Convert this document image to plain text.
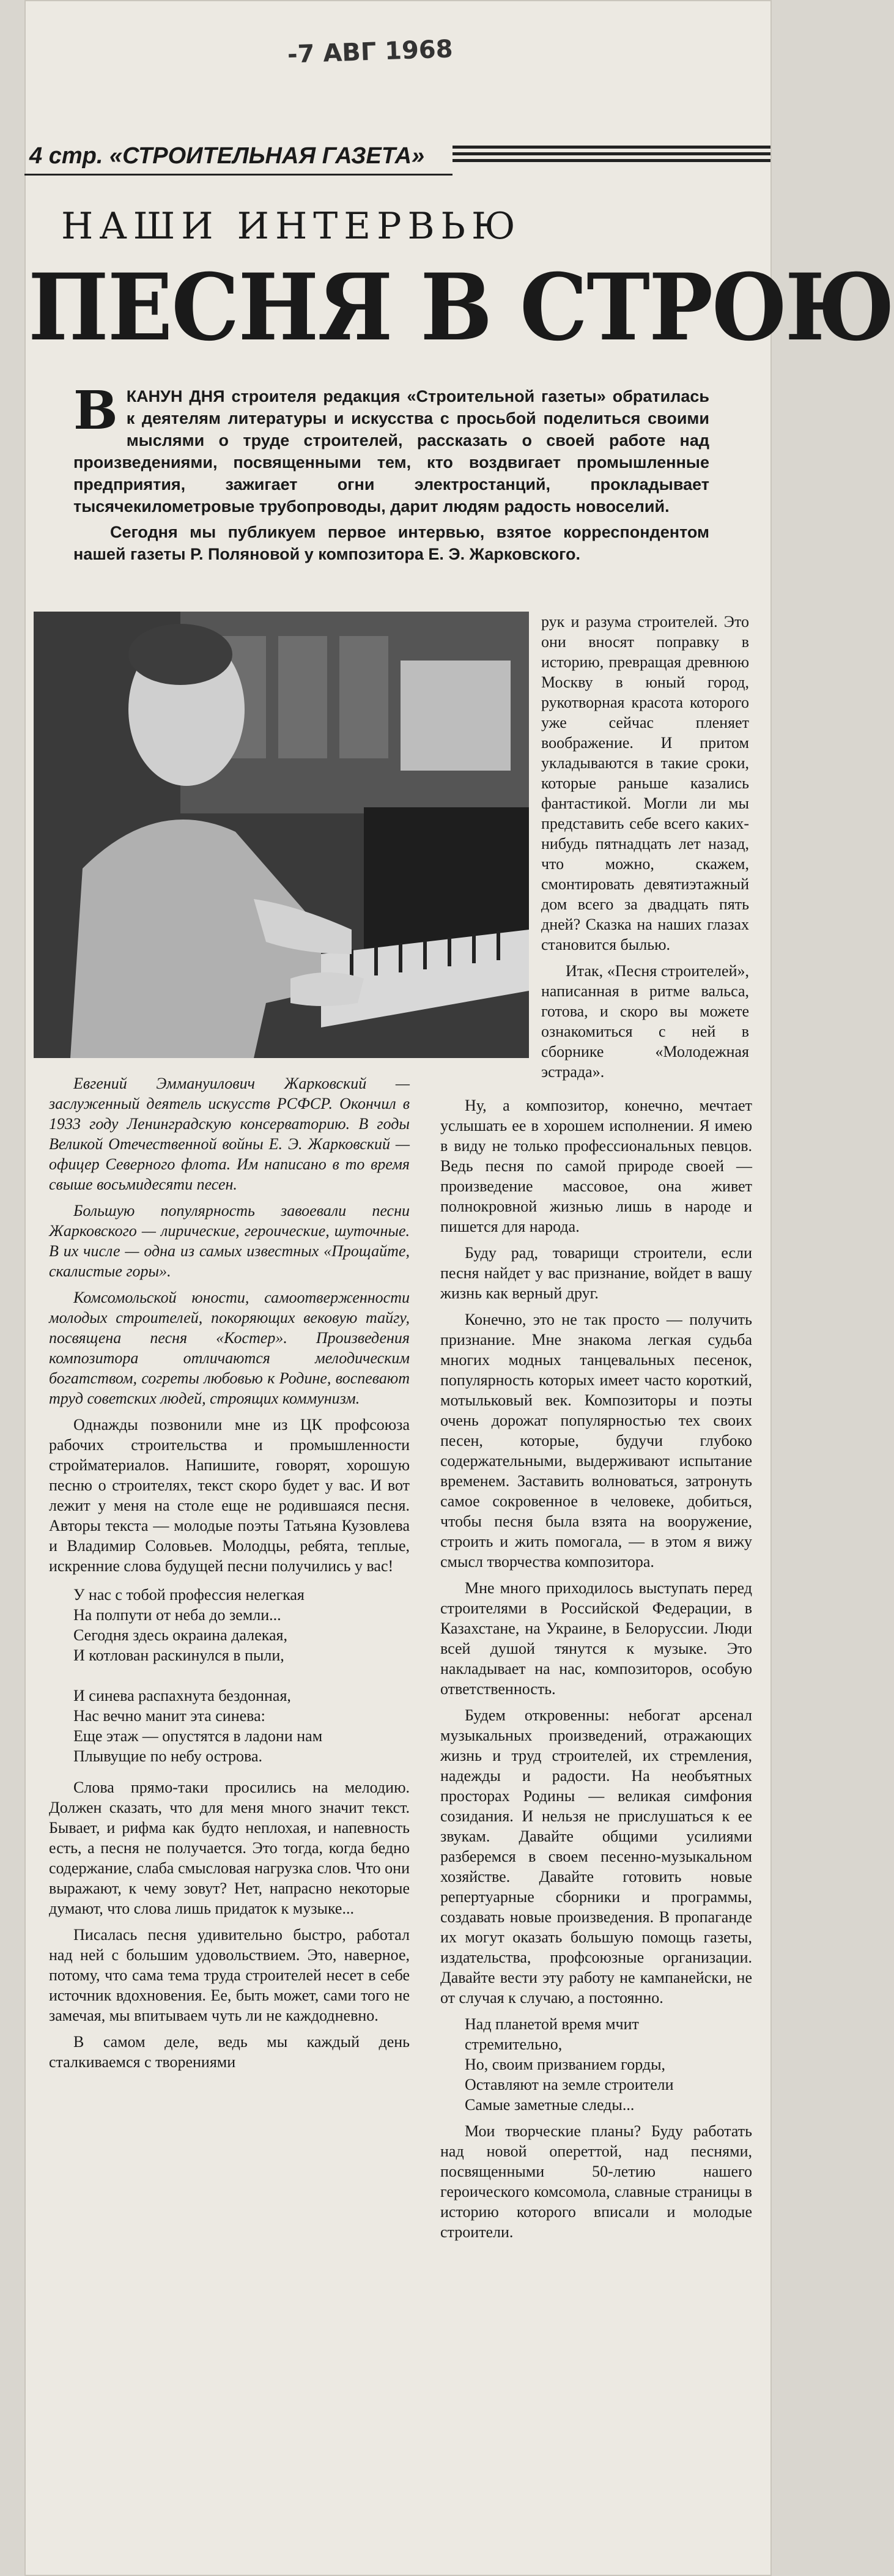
-7 АВГ 1968
4 стр. «СТРОИТЕЛЬНАЯ ГАЗЕТА»
НАШИ ИНТЕРВЬЮ
ПЕСНЯ В СТРОЮ

В КАНУН ДНЯ строителя редакция «Строительной газеты» обратилась к деятелям литературы и искусства с просьбой поделиться своими мыслями о труде строителей, рассказать о своей работе над произведениями, посвященными тем, кто воздвигает промышленные предприятия, зажигает огни электростанций, прокладывает тысячекилометровые трубопроводы, дарит людям радость новоселий.

Сегодня мы публикуем первое интервью, взятое корреспондентом нашей газеты Р. Поляновой у композитора Е. Э. Жарковского.

рук и разума строителей. Это они вносят поправку в историю, превращая древнюю Москву в юный город, рукотворная красота которого уже сейчас пленяет воображение. И притом укладываются в такие сроки, которые раньше казались фантастикой. Могли ли мы представить себе всего каких-нибудь пятнадцать лет назад, что можно, скажем, смонтировать девятиэтажный дом всего за двадцать пять дней? Сказка на наших глазах становится былью.

Итак, «Песня строителей», написанная в ритме вальса, готова, и скоро вы можете ознакомиться с ней в сборнике «Молодежная эстрада».

Евгений Эммануилович Жарковский — заслуженный деятель искусств РСФСР. Окончил в 1933 году Ленинградскую консерваторию. В годы Великой Отечественной войны Е. Э. Жарковский — офицер Северного флота. Им написано в то время свыше восьмидесяти песен.

Большую популярность завоевали песни Жарковского — лирические, героические, шуточные. В их числе — одна из самых известных «Прощайте, скалистые горы».

Комсомольской юности, самоотверженности молодых строителей, покоряющих вековую тайгу, посвящена песня «Костер». Произведения композитора отличаются мелодическим богатством, согреты любовью к Родине, воспевают труд советских людей, строящих коммунизм.

Однажды позвонили мне из ЦК профсоюза рабочих строительства и промышленности стройматериалов. Напишите, говорят, хорошую песню о строителях, текст скоро будет у вас. И вот лежит у меня на столе еще не родившаяся песня. Авторы текста — молодые поэты Татьяна Кузовлева и Владимир Соловьев. Молодцы, ребята, теплые, искренние слова будущей песни получились у вас!

У нас с тобой профессия нелегкая
На полпути от неба до земли...
Сегодня здесь окраина далекая,
И котлован раскинулся в пыли,

И синева распахнута бездонная,
Нас вечно манит эта синева:
Еще этаж — опустятся в ладони нам
Плывущие по небу острова.

Слова прямо-таки просились на мелодию. Должен сказать, что для меня много значит текст. Бывает, и рифма как будто неплохая, и напевность есть, а песня не получается. Это тогда, когда бедно содержание, слаба смысловая нагрузка слов. Что они выражают, к чему зовут? Нет, напрасно некоторые думают, что слова лишь придаток к музыке...

Писалась песня удивительно быстро, работал над ней с большим удовольствием. Это, наверное, потому, что сама тема труда строителей несет в себе источник вдохновения. Ее, быть может, сами того не замечая, мы впитываем чуть ли не каждодневно.

В самом деле, ведь мы каждый день сталкиваемся с творениями

Ну, а композитор, конечно, мечтает услышать ее в хорошем исполнении. Я имею в виду не только профессиональных певцов. Ведь песня по самой природе своей — произведение массовое, она живет полнокровной жизнью лишь в народе и пишется для народа.

Буду рад, товарищи строители, если песня найдет у вас признание, войдет в вашу жизнь как верный друг.

Конечно, это не так просто — получить признание. Мне знакома легкая судьба многих модных танцевальных песенок, популярность которых имеет часто короткий, мотыльковый век. Композиторы и поэты очень дорожат популярностью тех своих песен, которые, будучи глубоко содержательными, выдерживают испытание временем. Заставить волноваться, затронуть самое сокровенное в человеке, добиться, чтобы песня была взята на вооружение, строить и жить помогала, — в этом я вижу смысл творчества композитора.

Мне много приходилось выступать перед строителями в Российской Федерации, в Казахстане, на Украине, в Белоруссии. Люди всей душой тянутся к музыке. Это накладывает на нас, композиторов, особую ответственность.

Будем откровенны: небогат арсенал музыкальных произведений, отражающих жизнь и труд строителей, их стремления, надежды и радости. На необъятных просторах Родины — великая симфония созидания. И нельзя не прислушаться к ее звукам. Давайте общими усилиями разберемся в своем песенно-музыкальном хозяйстве. Давайте готовить новые репертуарные сборники и программы, создавать новые произведения. В пропаганде их могут оказать большую помощь газеты, издательства, профсоюзные организации. Давайте вести эту работу не кампанейски, не от случая к случаю, а постоянно.

Над планетой время мчит
стремительно,
Но, своим призванием горды,
Оставляют на земле строители
Самые заметные следы...

Мои творческие планы? Буду работать над новой опереттой, над песнями, посвященными 50-летию нашего героического комсомола, славные страницы в историю которого вписали и молодые строители.
